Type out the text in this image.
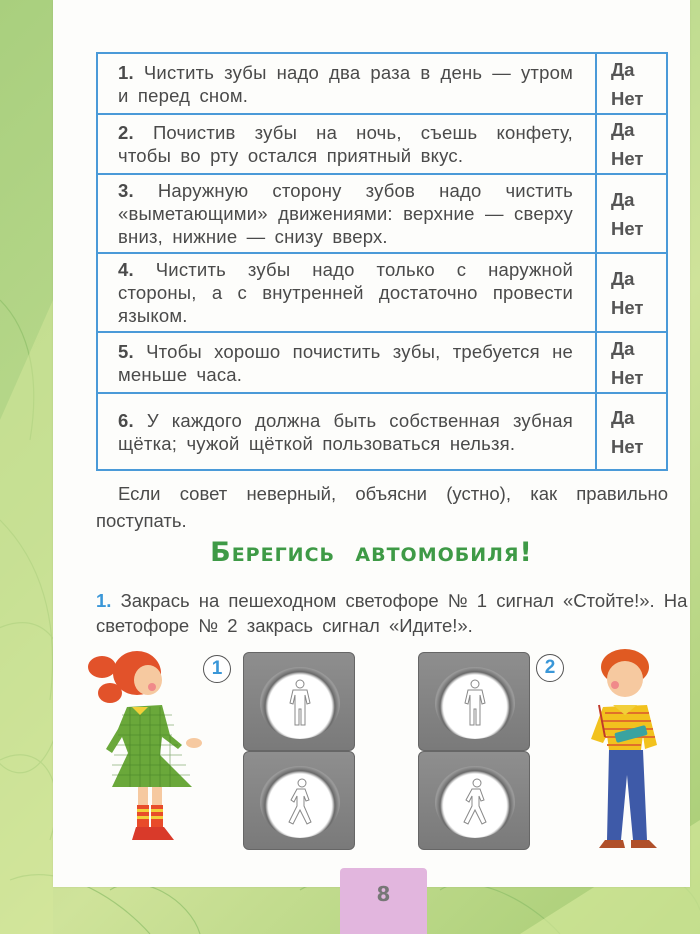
1. Чистить зубы надо два раза в день — утром и перед сном.	Да
Нет

2. Почистив зубы на ночь, съешь конфету, чтобы во рту остался приятный вкус.	Да
Нет

3. Наружную сторону зубов надо чистить «выметающими» движениями: верхние — сверху вниз, нижние — снизу вверх.	Да
Нет

4. Чистить зубы надо только с наружной стороны, а с внутренней достаточно провести языком.	Да
Нет

5. Чтобы хорошо почистить зубы, требуется не меньше часа.	Да
Нет

6. У каждого должна быть собственная зубная щётка; чужой щёткой пользоваться нельзя.	Да
Нет

Если совет неверный, объясни (устно), как правильно поступать.

Берегись автомобиля!

1. Закрась на пешеходном светофоре № 1 сигнал «Стойте!». На светофоре № 2 закрась сигнал «Идите!».

1	2
8
